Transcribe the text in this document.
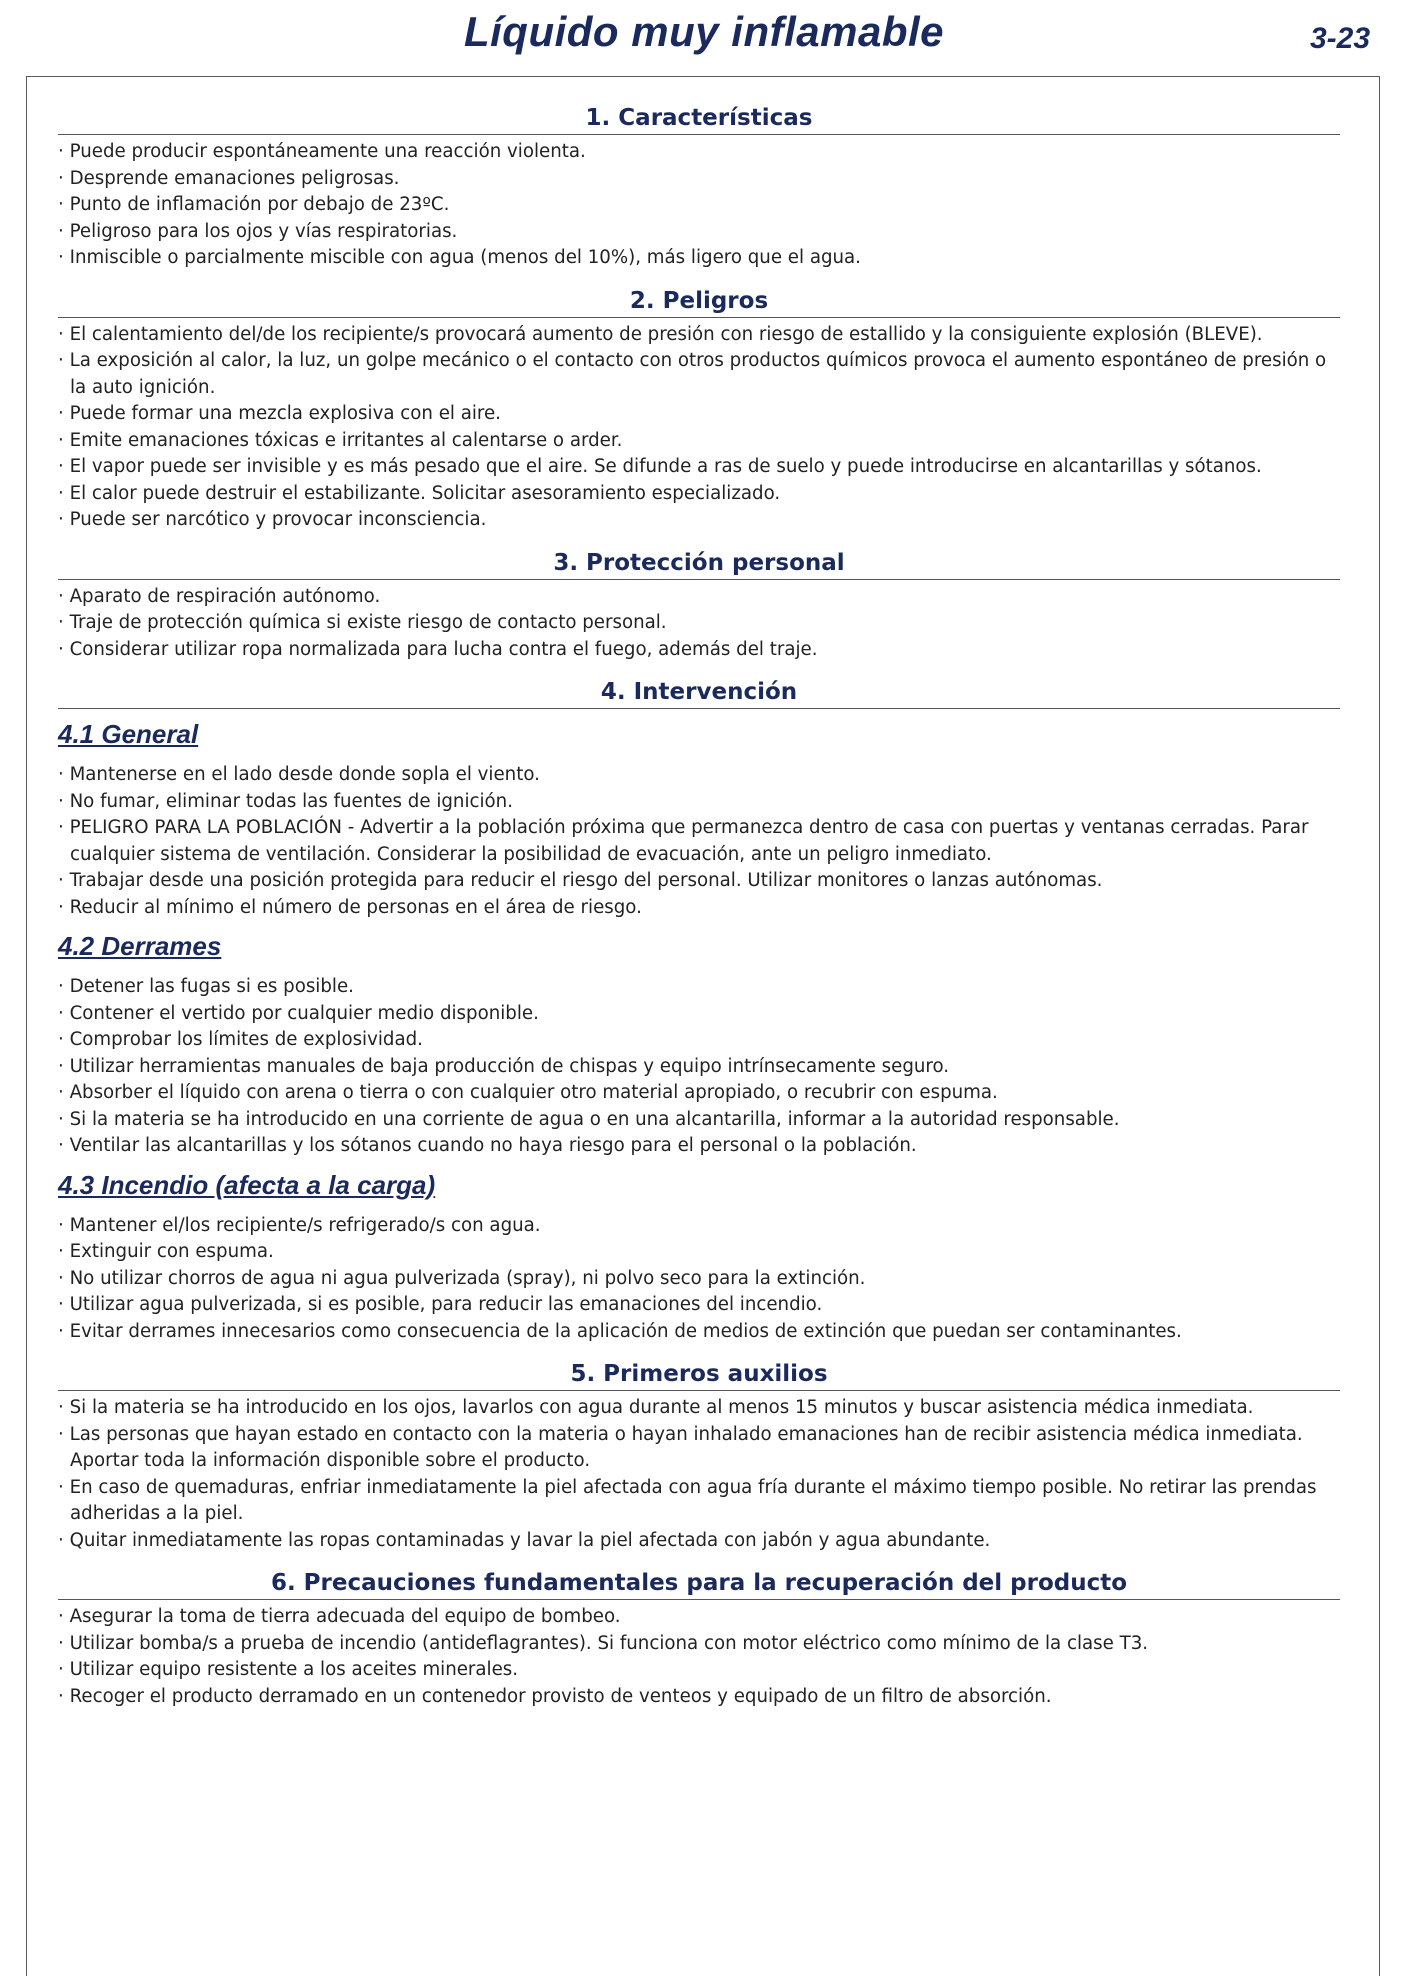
Líquido muy inflamable	3-23
1. Características
· Puede producir espontáneamente una reacción violenta.
· Desprende emanaciones peligrosas.
· Punto de inflamación por debajo de 23ºC.
· Peligroso para los ojos y vías respiratorias.
· Inmiscible o parcialmente miscible con agua (menos del 10%), más ligero que el agua.
2. Peligros
· El calentamiento del/de los recipiente/s provocará aumento de presión con riesgo de estallido y la consiguiente explosión (BLEVE).
· La exposición al calor, la luz, un golpe mecánico o el contacto con otros productos químicos provoca el aumento espontáneo de presión o la auto ignición.
· Puede formar una mezcla explosiva con el aire.
· Emite emanaciones tóxicas e irritantes al calentarse o arder.
· El vapor puede ser invisible y es más pesado que el aire. Se difunde a ras de suelo y puede introducirse en alcantarillas y sótanos.
· El calor puede destruir el estabilizante. Solicitar asesoramiento especializado.
· Puede ser narcótico y provocar inconsciencia.
3. Protección personal
· Aparato de respiración autónomo.
· Traje de protección química si existe riesgo de contacto personal.
· Considerar utilizar ropa normalizada para lucha contra el fuego, además del traje.
4. Intervención
4.1 General
· Mantenerse en el lado desde donde sopla el viento.
· No fumar, eliminar todas las fuentes de ignición.
· PELIGRO PARA LA POBLACIÓN - Advertir a la población próxima que permanezca dentro de casa con puertas y ventanas cerradas. Parar cualquier sistema de ventilación. Considerar la posibilidad de evacuación, ante un peligro inmediato.
· Trabajar desde una posición protegida para reducir el riesgo del personal. Utilizar monitores o lanzas autónomas.
· Reducir al mínimo el número de personas en el área de riesgo.
4.2 Derrames
· Detener las fugas si es posible.
· Contener el vertido por cualquier medio disponible.
· Comprobar los límites de explosividad.
· Utilizar herramientas manuales de baja producción de chispas y equipo intrínsecamente seguro.
· Absorber el líquido con arena o tierra o con cualquier otro material apropiado, o recubrir con espuma.
· Si la materia se ha introducido en una corriente de agua o en una alcantarilla, informar a la autoridad responsable.
· Ventilar las alcantarillas y los sótanos cuando no haya riesgo para el personal o la población.
4.3 Incendio (afecta a la carga)
· Mantener el/los recipiente/s refrigerado/s con agua.
· Extinguir con espuma.
· No utilizar chorros de agua ni agua pulverizada (spray), ni polvo seco para la extinción.
· Utilizar agua pulverizada, si es posible, para reducir las emanaciones del incendio.
· Evitar derrames innecesarios como consecuencia de la aplicación de medios de extinción que puedan ser contaminantes.
5. Primeros auxilios
· Si la materia se ha introducido en los ojos, lavarlos con agua durante al menos 15 minutos y buscar asistencia médica inmediata.
· Las personas que hayan estado en contacto con la materia o hayan inhalado emanaciones han de recibir asistencia médica inmediata. Aportar toda la información disponible sobre el producto.
· En caso de quemaduras, enfriar inmediatamente la piel afectada con agua fría durante el máximo tiempo posible. No retirar las prendas adheridas a la piel.
· Quitar inmediatamente las ropas contaminadas y lavar la piel afectada con jabón y agua abundante.
6. Precauciones fundamentales para la recuperación del producto
· Asegurar la toma de tierra adecuada del equipo de bombeo.
· Utilizar bomba/s a prueba de incendio (antideflagrantes). Si funciona con motor eléctrico como mínimo de la clase T3.
· Utilizar equipo resistente a los aceites minerales.
· Recoger el producto derramado en un contenedor provisto de venteos y equipado de un filtro de absorción.
